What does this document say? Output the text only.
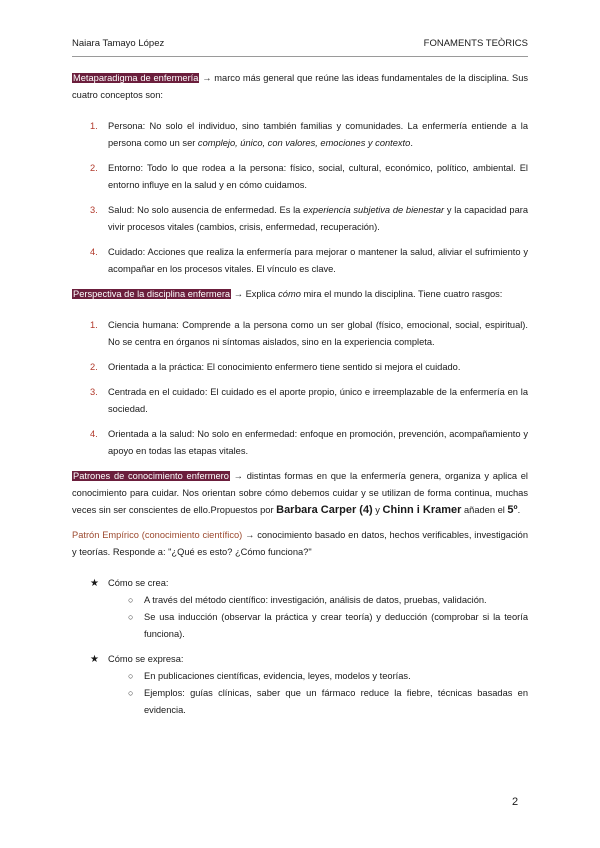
Naiara Tamayo López	FONAMENTS TEÒRICS

Metaparadigma de enfermería → marco más general que reúne las ideas fundamentales de la disciplina. Sus cuatro conceptos son:

1. Persona: No solo el individuo, sino también familias y comunidades. La enfermería entiende a la persona como un ser complejo, único, con valores, emociones y contexto.
2. Entorno: Todo lo que rodea a la persona: físico, social, cultural, económico, político, ambiental. El entorno influye en la salud y en cómo cuidamos.
3. Salud: No solo ausencia de enfermedad. Es la experiencia subjetiva de bienestar y la capacidad para vivir procesos vitales (cambios, crisis, enfermedad, recuperación).
4. Cuidado: Acciones que realiza la enfermería para mejorar o mantener la salud, aliviar el sufrimiento y acompañar en los procesos vitales. El vínculo es clave.

Perspectiva de la disciplina enfermera → Explica cómo mira el mundo la disciplina. Tiene cuatro rasgos:

1. Ciencia humana: Comprende a la persona como un ser global (físico, emocional, social, espiritual). No se centra en órganos ni síntomas aislados, sino en la experiencia completa.
2. Orientada a la práctica: El conocimiento enfermero tiene sentido si mejora el cuidado.
3. Centrada en el cuidado: El cuidado es el aporte propio, único e irreemplazable de la enfermería en la sociedad.
4. Orientada a la salud: No solo en enfermedad: enfoque en promoción, prevención, acompañamiento y apoyo en todas las etapas vitales.

Patrones de conocimiento enfermero → distintas formas en que la enfermería genera, organiza y aplica el conocimiento para cuidar. Nos orientan sobre cómo debemos cuidar y se utilizan de forma continua, muchas veces sin ser conscientes de ello.Propuestos por Barbara Carper (4) y Chinn i Kramer añaden el 5º.

Patrón Empírico (conocimiento científico) → conocimiento basado en datos, hechos verificables, investigación y teorías. Responde a: "¿Qué es esto? ¿Cómo funciona?"

★ Cómo se crea:
○ A través del método científico: investigación, análisis de datos, pruebas, validación.
○ Se usa inducción (observar la práctica y crear teoría) y deducción (comprobar si la teoría funciona).
★ Cómo se expresa:
○ En publicaciones científicas, evidencia, leyes, modelos y teorías.
○ Ejemplos: guías clínicas, saber que un fármaco reduce la fiebre, técnicas basadas en evidencia.
2
